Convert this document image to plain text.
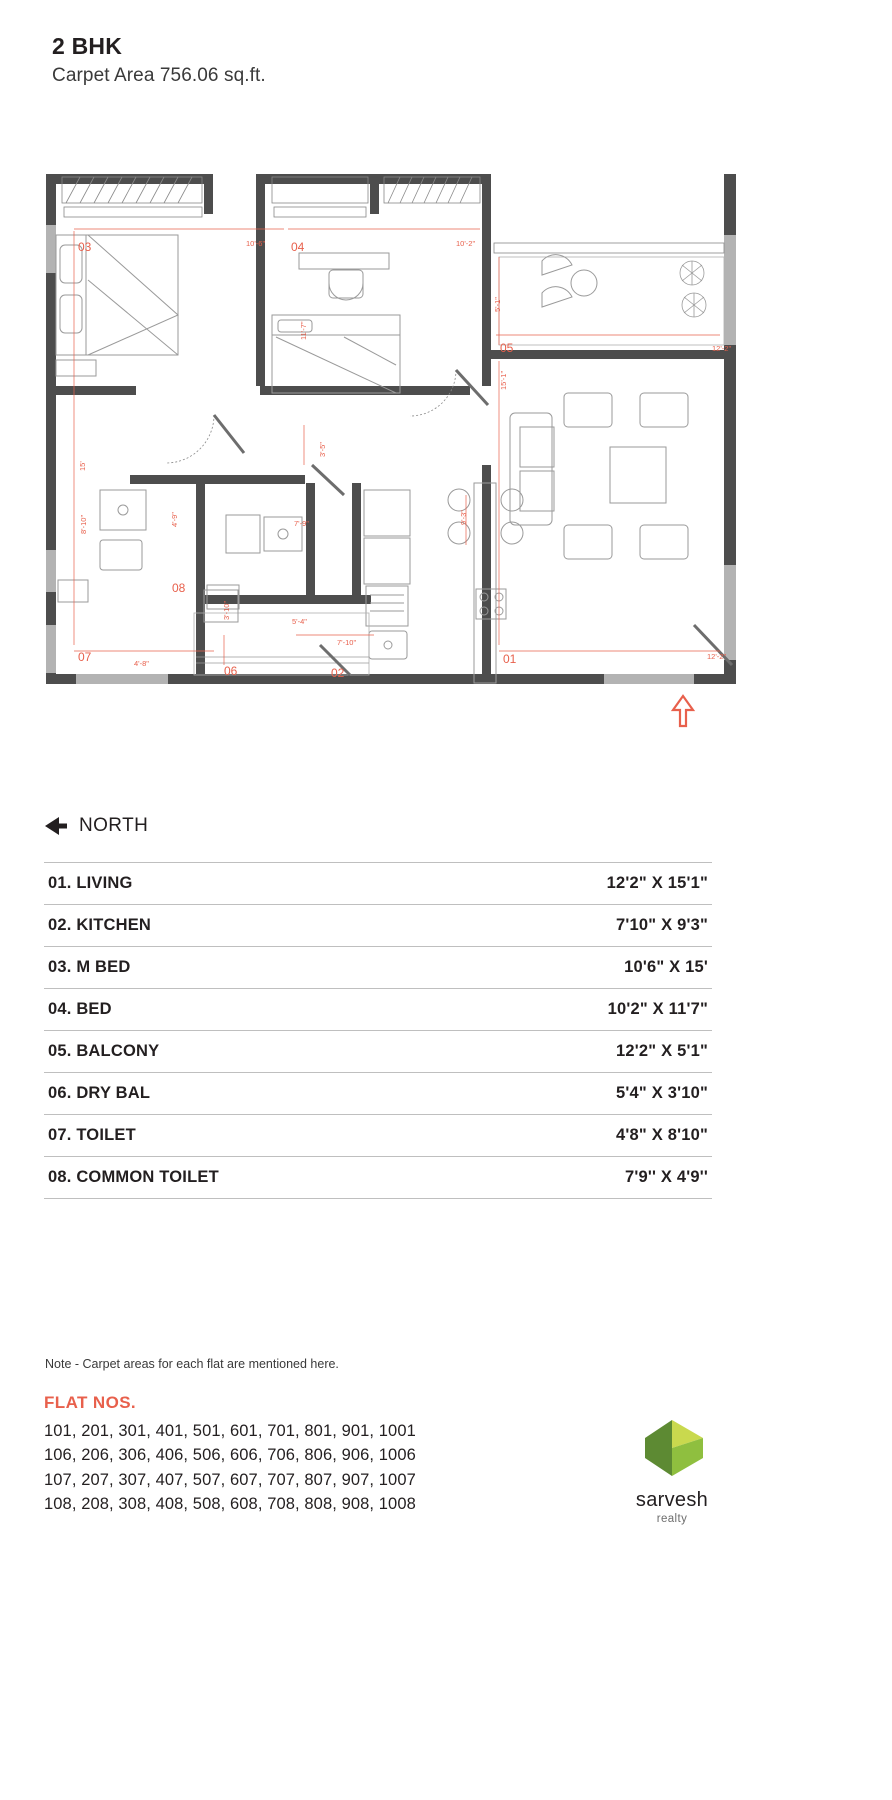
2 BHK
Carpet Area 756.06 sq.ft.
10'-6"	10'-2"
12'-2"
5'-1"
15'-1"
11'-7"
15'
8'-10"	4'-9"
3'-5"
7'-9"	9'-3"
5'-4"
3'-10"
7'-10"
4'-8"
12'-2"
03	04
05
08
07
06	02
01
NORTH
01. LIVING	12'2" X 15'1"
02. KITCHEN	7'10" X 9'3"
03. M BED	10'6" X 15'
04. BED	10'2" X 11'7"
05. BALCONY	12'2" X 5'1"
06. DRY BAL	5'4" X 3'10"
07. TOILET	4'8" X 8'10"
08. COMMON TOILET	7'9'' X 4'9''
Note - Carpet areas for each flat are mentioned here.
FLAT NOS.
101, 201, 301, 401, 501, 601, 701, 801, 901, 1001
106, 206, 306, 406, 506, 606, 706, 806, 906, 1006
107, 207, 307, 407, 507, 607, 707, 807, 907, 1007
108, 208, 308, 408, 508, 608, 708, 808, 908, 1008	sarvesh
realty
